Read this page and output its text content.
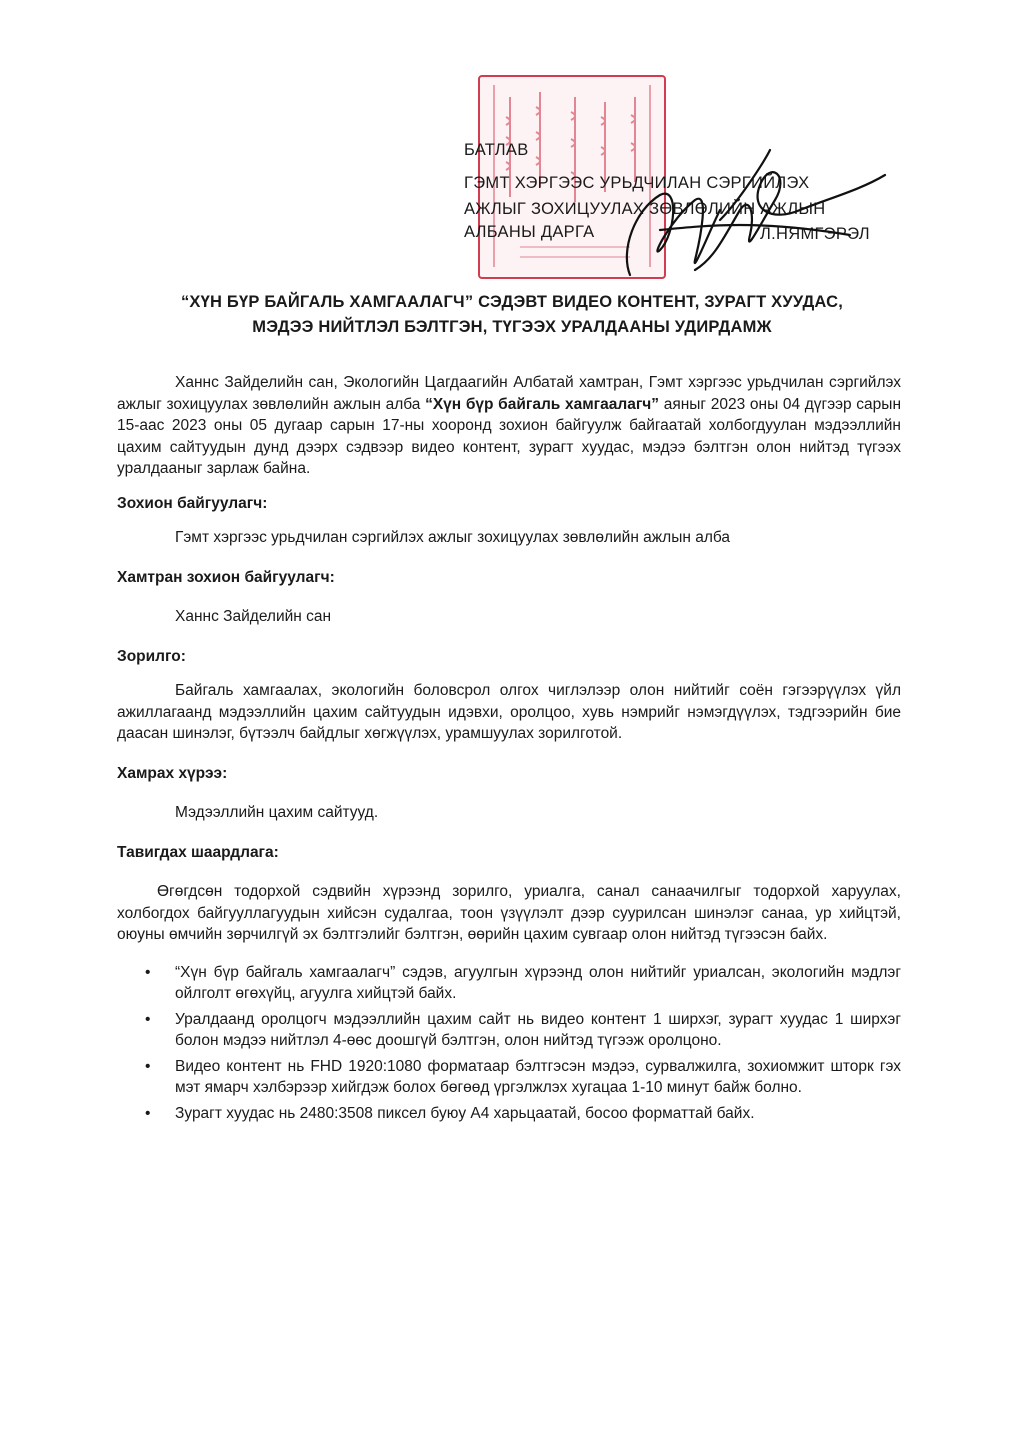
БАТЛАВ
ГЭМТ ХЭРГЭЭС УРЬДЧИЛАН СЭРГИЙЛЭХ
АЖЛЫГ ЗОХИЦУУЛАХ ЗӨВЛӨЛИЙН АЖЛЫН
АЛБАНЫ ДАРГА	Л.НЯМГЭРЭЛ
“ХҮН БҮР БАЙГАЛЬ ХАМГААЛАГЧ” СЭДЭВТ ВИДЕО КОНТЕНТ, ЗУРАГТ ХУУДАС,
МЭДЭЭ НИЙТЛЭЛ БЭЛТГЭН, ТҮГЭЭХ УРАЛДААНЫ УДИРДАМЖ

Ханнс Зайделийн сан, Экологийн Цагдаагийн Албатай хамтран, Гэмт хэргээс урьдчилан сэргийлэх ажлыг зохицуулах зөвлөлийн ажлын алба “Хүн бүр байгаль хамгаалагч” аяныг 2023 оны 04 дүгээр сарын 15-аас 2023 оны 05 дугаар сарын 17-ны хооронд зохион байгуулж байгаатай холбогдуулан мэдээллийн цахим сайтуудын дунд дээрх сэдвээр видео контент, зурагт хуудас, мэдээ бэлтгэн олон нийтэд түгээх уралдааныг зарлаж байна.

Зохион байгуулагч:

Гэмт хэргээс урьдчилан сэргийлэх ажлыг зохицуулах зөвлөлийн ажлын алба

Хамтран зохион байгуулагч:

Ханнс Зайделийн сан

Зорилго:

Байгаль хамгаалах, экологийн боловсрол олгох чиглэлээр олон нийтийг соён гэгээрүүлэх үйл ажиллагаанд мэдээллийн цахим сайтуудын идэвхи, оролцоо, хувь нэмрийг нэмэгдүүлэх, тэдгээрийн бие даасан шинэлэг, бүтээлч байдлыг хөгжүүлэх, урамшуулах зорилготой.

Хамрах хүрээ:

Мэдээллийн цахим сайтууд.

Тавигдах шаардлага:

Өгөгдсөн тодорхой сэдвийн хүрээнд зорилго, уриалга, санал санаачилгыг тодорхой харуулах, холбогдох байгууллагуудын хийсэн судалгаа, тоон үзүүлэлт дээр суурилсан шинэлэг санаа, ур хийцтэй, оюуны өмчийн зөрчилгүй эх бэлтгэлийг бэлтгэн, өөрийн цахим сувгаар олон нийтэд түгээсэн байх.

• “Хүн бүр байгаль хамгаалагч” сэдэв, агуулгын хүрээнд олон нийтийг уриалсан, экологийн мэдлэг ойлголт өгөхүйц, агуулга хийцтэй байх.
• Уралдаанд оролцогч мэдээллийн цахим сайт нь видео контент 1 ширхэг, зурагт хуудас 1 ширхэг болон мэдээ нийтлэл 4-өөс доошгүй бэлтгэн, олон нийтэд түгээж оролцоно.
• Видео контент нь FHD 1920:1080 форматаар бэлтгэсэн мэдээ, сурвалжилга, зохиомжит шторк гэх мэт ямарч хэлбэрээр хийгдэж болох бөгөөд үргэлжлэх хугацаа 1-10 минут байж болно.
• Зурагт хуудас нь 2480:3508 пиксел буюу А4 харьцаатай, босоо форматтай байх.
